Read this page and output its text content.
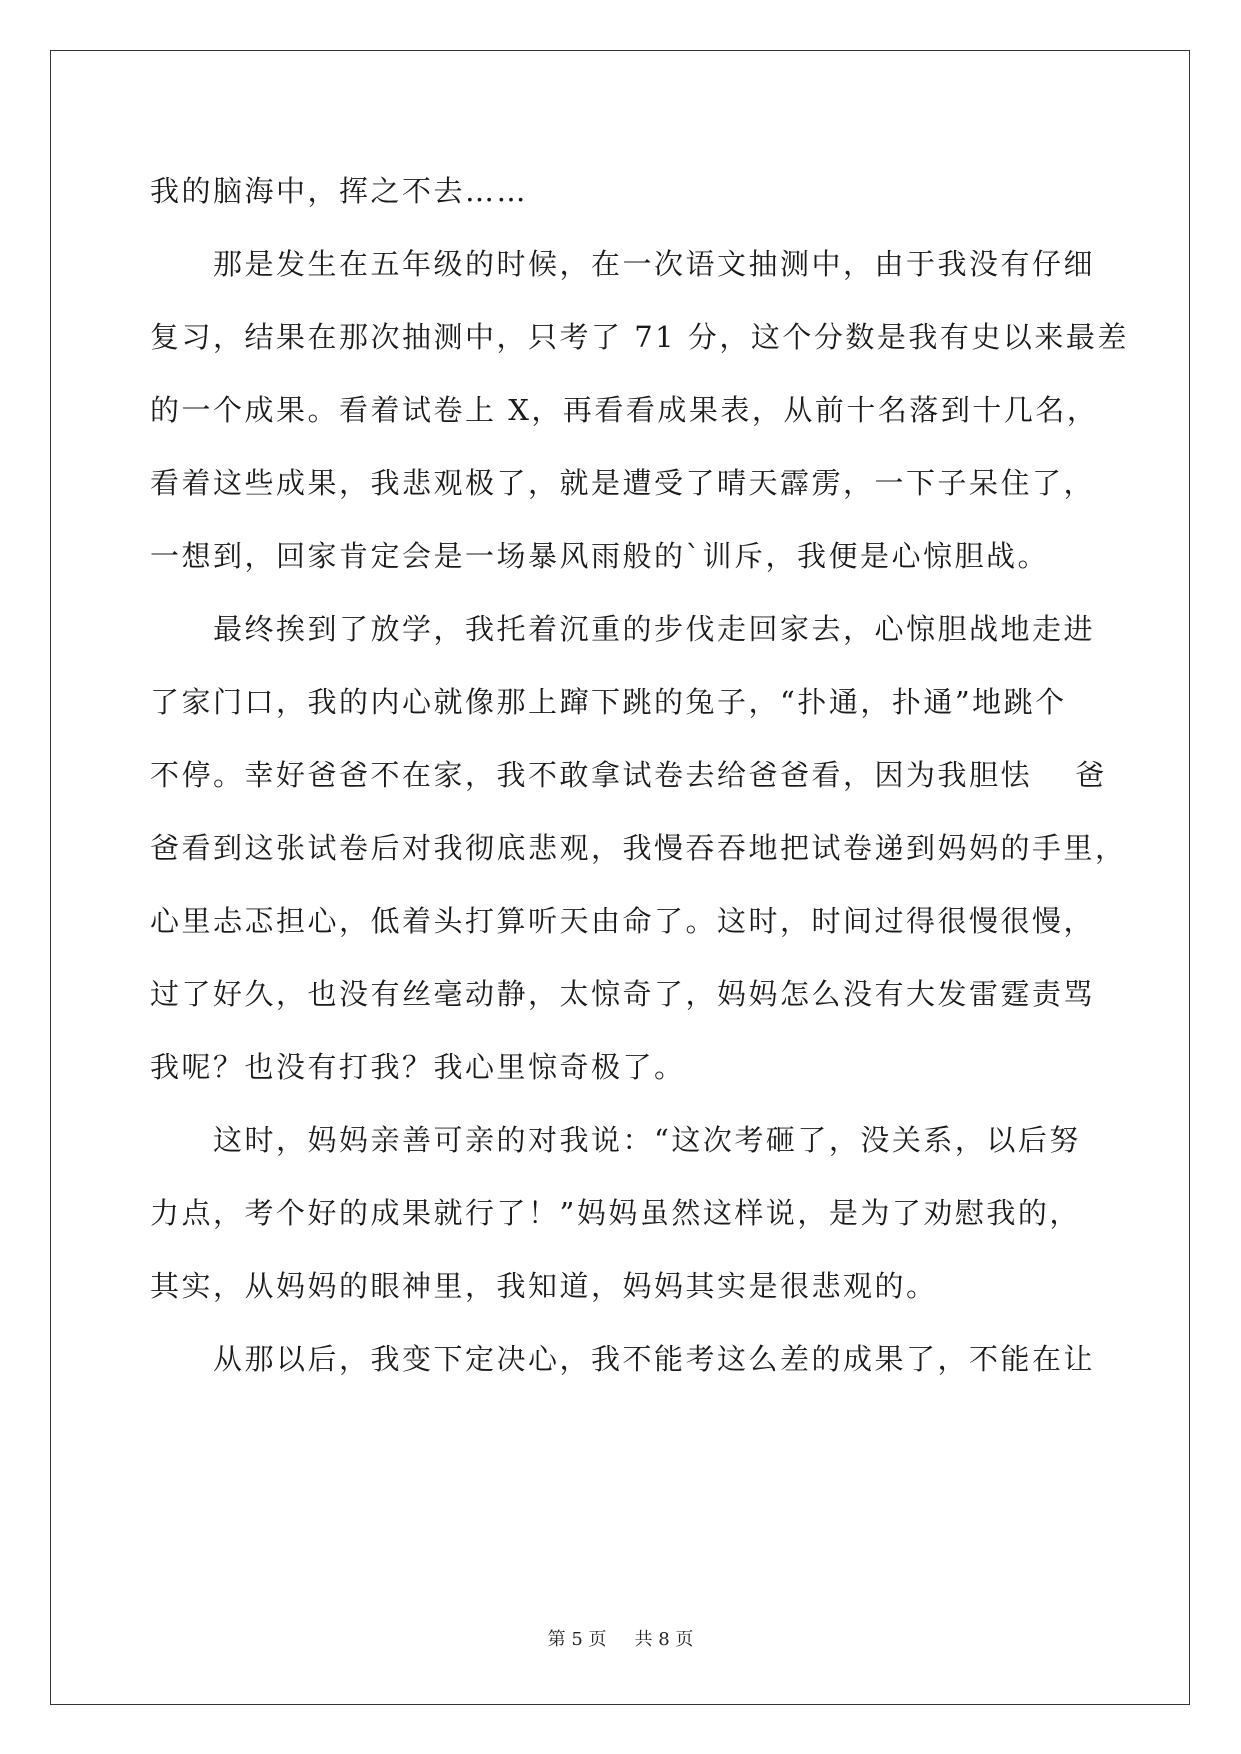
我的脑海中，挥之不去……
那是发生在五年级的时候，在一次语文抽测中，由于我没有仔细
复习，结果在那次抽测中，只考了 71 分，这个分数是我有史以来最差
的一个成果。看着试卷上 X，再看看成果表，从前十名落到十几名，
看着这些成果，我悲观极了，就是遭受了晴天霹雳，一下子呆住了，
一想到，回家肯定会是一场暴风雨般的`训斥，我便是心惊胆战。
最终挨到了放学，我托着沉重的步伐走回家去，心惊胆战地走进
了家门口，我的内心就像那上蹿下跳的兔子，“扑通，扑通”地跳个
不停。幸好爸爸不在家，我不敢拿试卷去给爸爸看，因为我胆怯　 爸
爸看到这张试卷后对我彻底悲观，我慢吞吞地把试卷递到妈妈的手里，
心里忐忑担心，低着头打算听天由命了。这时，时间过得很慢很慢，
过了好久，也没有丝毫动静，太惊奇了，妈妈怎么没有大发雷霆责骂
我呢？也没有打我？我心里惊奇极了。
这时，妈妈亲善可亲的对我说：“这次考砸了，没关系，以后努
力点，考个好的成果就行了！”妈妈虽然这样说，是为了劝慰我的，
其实，从妈妈的眼神里，我知道，妈妈其实是很悲观的。
从那以后，我变下定决心，我不能考这么差的成果了，不能在让
第 5 页 共 8 页
